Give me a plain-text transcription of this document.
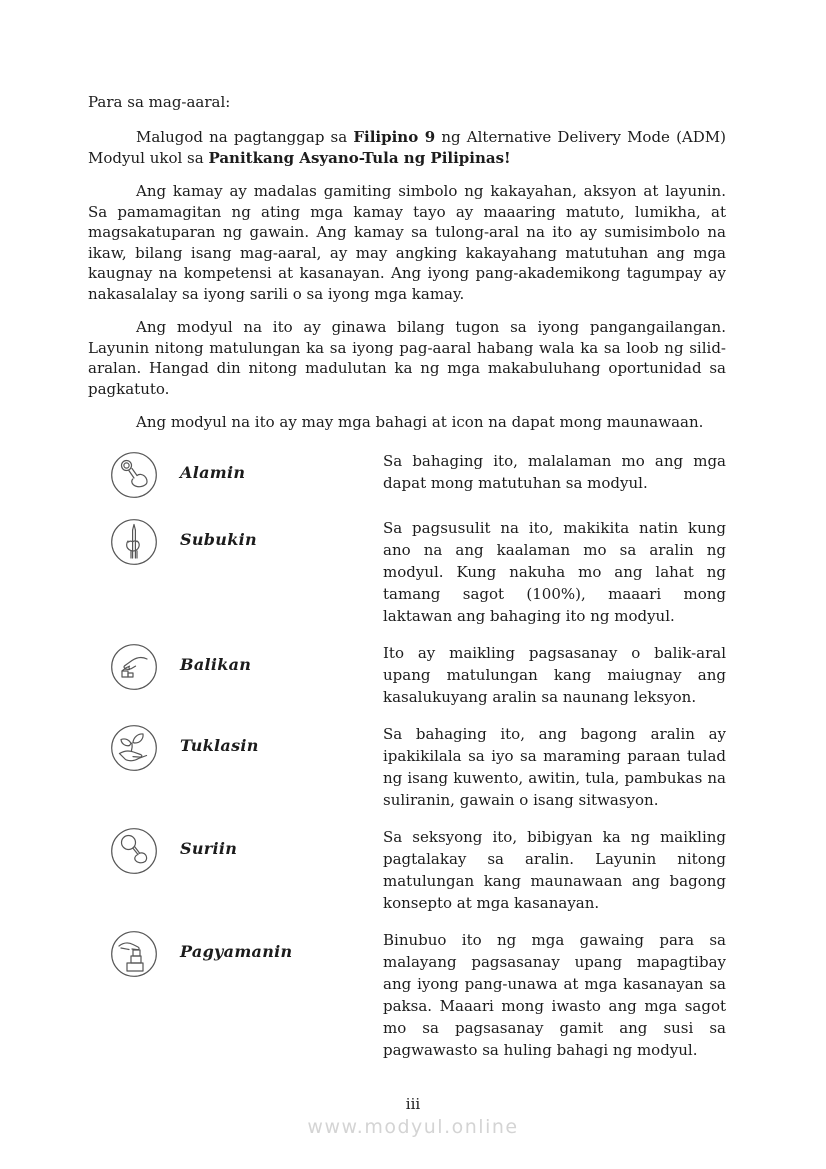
Para sa mag-aaral:

Malugod na pagtanggap sa Filipino 9 ng Alternative Delivery Mode (ADM) Modyul ukol sa Panitkang Asyano-Tula ng Pilipinas!

Ang kamay ay madalas gamiting simbolo ng kakayahan, aksyon at layunin. Sa pamamagitan ng ating mga kamay tayo ay maaaring matuto, lumikha, at magsakatuparan ng gawain. Ang kamay sa tulong-aral na ito ay sumisimbolo na ikaw, bilang isang mag-aaral, ay may angking kakayahang matutuhan ang mga kaugnay na kompetensi at kasanayan. Ang iyong pang-akademikong tagumpay ay nakasalalay sa iyong sarili o sa iyong mga kamay.

Ang modyul na ito ay ginawa bilang tugon sa iyong pangangailangan. Layunin nitong matulungan ka sa iyong pag-aaral habang wala ka sa loob ng silid-aralan. Hangad din nitong madulutan ka ng mga makabuluhang oportunidad sa pagkatuto.

Ang modyul na ito ay may mga bahagi at icon na dapat mong maunawaan.

Alamin
Sa bahaging ito, malalaman mo ang mga dapat mong matutuhan sa modyul.
Subukin
Sa pagsusulit na ito, makikita natin kung ano na ang kaalaman mo sa aralin ng modyul. Kung nakuha mo ang lahat ng tamang sagot (100%), maaari mong laktawan ang bahaging ito ng modyul.
Balikan
Ito ay maikling pagsasanay o balik-aral upang matulungan kang maiugnay ang kasalukuyang aralin sa naunang leksyon.
Tuklasin
Sa bahaging ito, ang bagong aralin ay ipakikilala sa iyo sa maraming paraan tulad ng isang kuwento, awitin, tula, pambukas na suliranin, gawain o isang sitwasyon.
Suriin
Sa seksyong ito, bibigyan ka ng maikling pagtalakay sa aralin. Layunin nitong matulungan kang maunawaan ang bagong konsepto at mga kasanayan.
Pagyamanin
Binubuo ito ng mga gawaing para sa malayang pagsasanay upang mapagtibay ang iyong pang-unawa at mga kasanayan sa paksa. Maaari mong iwasto ang mga sagot mo sa pagsasanay gamit ang susi sa pagwawasto sa huling bahagi ng modyul.
iii
www.modyul.online
